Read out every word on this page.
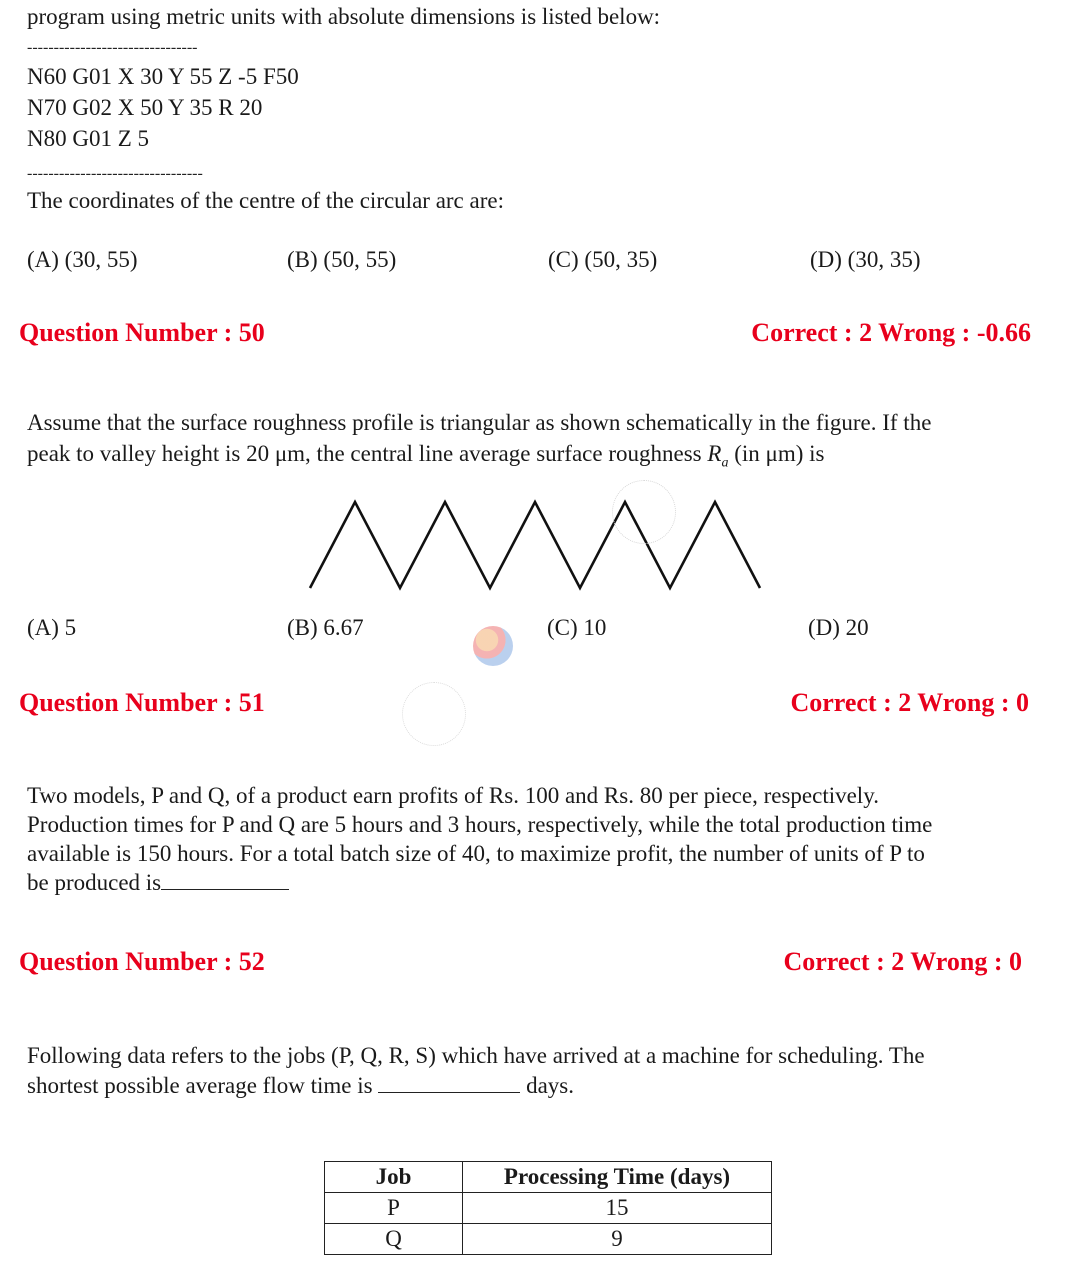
program using metric units with absolute dimensions is listed below:
--------------------------------
N60 G01 X 30 Y 55 Z -5 F50
N70 G02 X 50 Y 35 R 20
N80 G01 Z 5
---------------------------------
The coordinates of the centre of the circular arc are:
(A) (30, 55)	(B) (50, 55)	(C) (50, 35)	(D) (30, 35)
Question Number : 50	Correct : 2 Wrong : -0.66
Assume that the surface roughness profile is triangular as shown schematically in the figure. If the
peak to valley height is 20 μm, the central line average surface roughness $R_a$ (in μm) is
(A) 5	(B) 6.67	(C) 10	(D) 20
Question Number : 51	Correct : 2 Wrong : 0
Two models, P and Q, of a product earn profits of Rs. 100 and Rs. 80 per piece, respectively.
Production times for P and Q are 5 hours and 3 hours, respectively, while the total production time
available is 150 hours. For a total batch size of 40, to maximize profit, the number of units of P to
be produced is
Question Number : 52	Correct : 2 Wrong : 0
Following data refers to the jobs (P, Q, R, S) which have arrived at a machine for scheduling. The
shortest possible average flow time is	days.
Job	Processing Time (days)
P	15
Q	9
